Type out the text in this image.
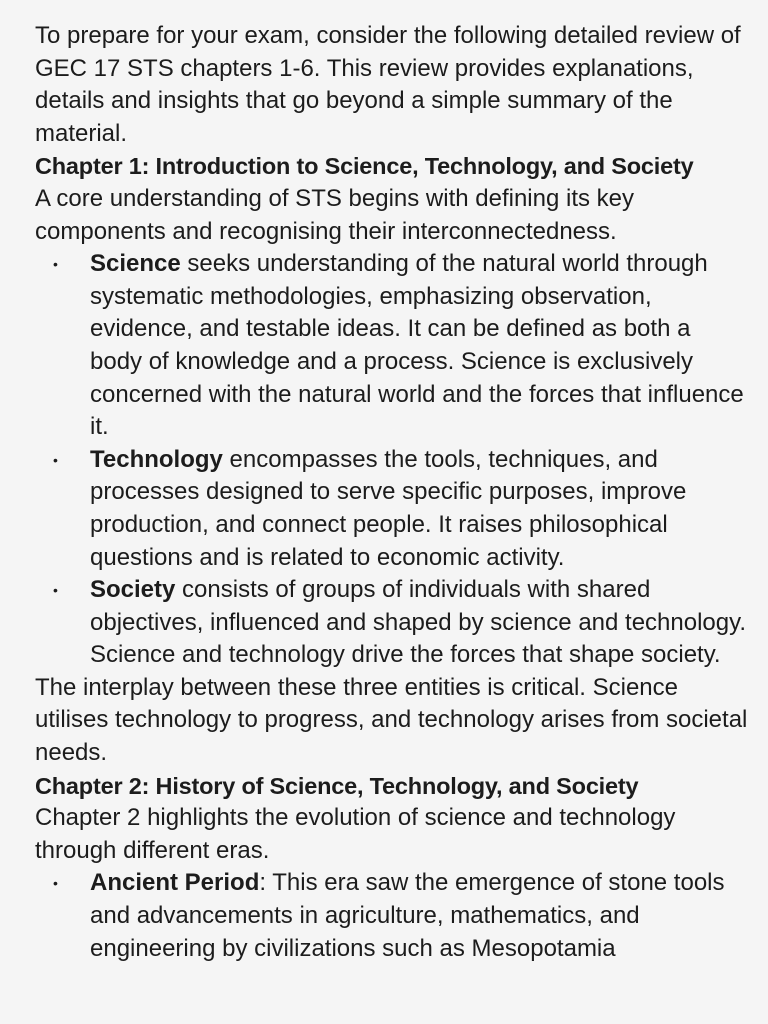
To prepare for your exam, consider the following detailed review of GEC 17 STS chapters 1-6. This review provides explanations, details and insights that go beyond a simple summary of the material.

Chapter 1: Introduction to Science, Technology, and Society

A core understanding of STS begins with defining its key components and recognising their interconnectedness.

• Science seeks understanding of the natural world through systematic methodologies, emphasizing observation, evidence, and testable ideas. It can be defined as both a body of knowledge and a process. Science is exclusively concerned with the natural world and the forces that influence it.
• Technology encompasses the tools, techniques, and processes designed to serve specific purposes, improve production, and connect people. It raises philosophical questions and is related to economic activity.
• Society consists of groups of individuals with shared objectives, influenced and shaped by science and technology. Science and technology drive the forces that shape society.

The interplay between these three entities is critical. Science utilises technology to progress, and technology arises from societal needs.

Chapter 2: History of Science, Technology, and Society

Chapter 2 highlights the evolution of science and technology through different eras.

• Ancient Period: This era saw the emergence of stone tools and advancements in agriculture, mathematics, and engineering by civilizations such as Mesopotamia
